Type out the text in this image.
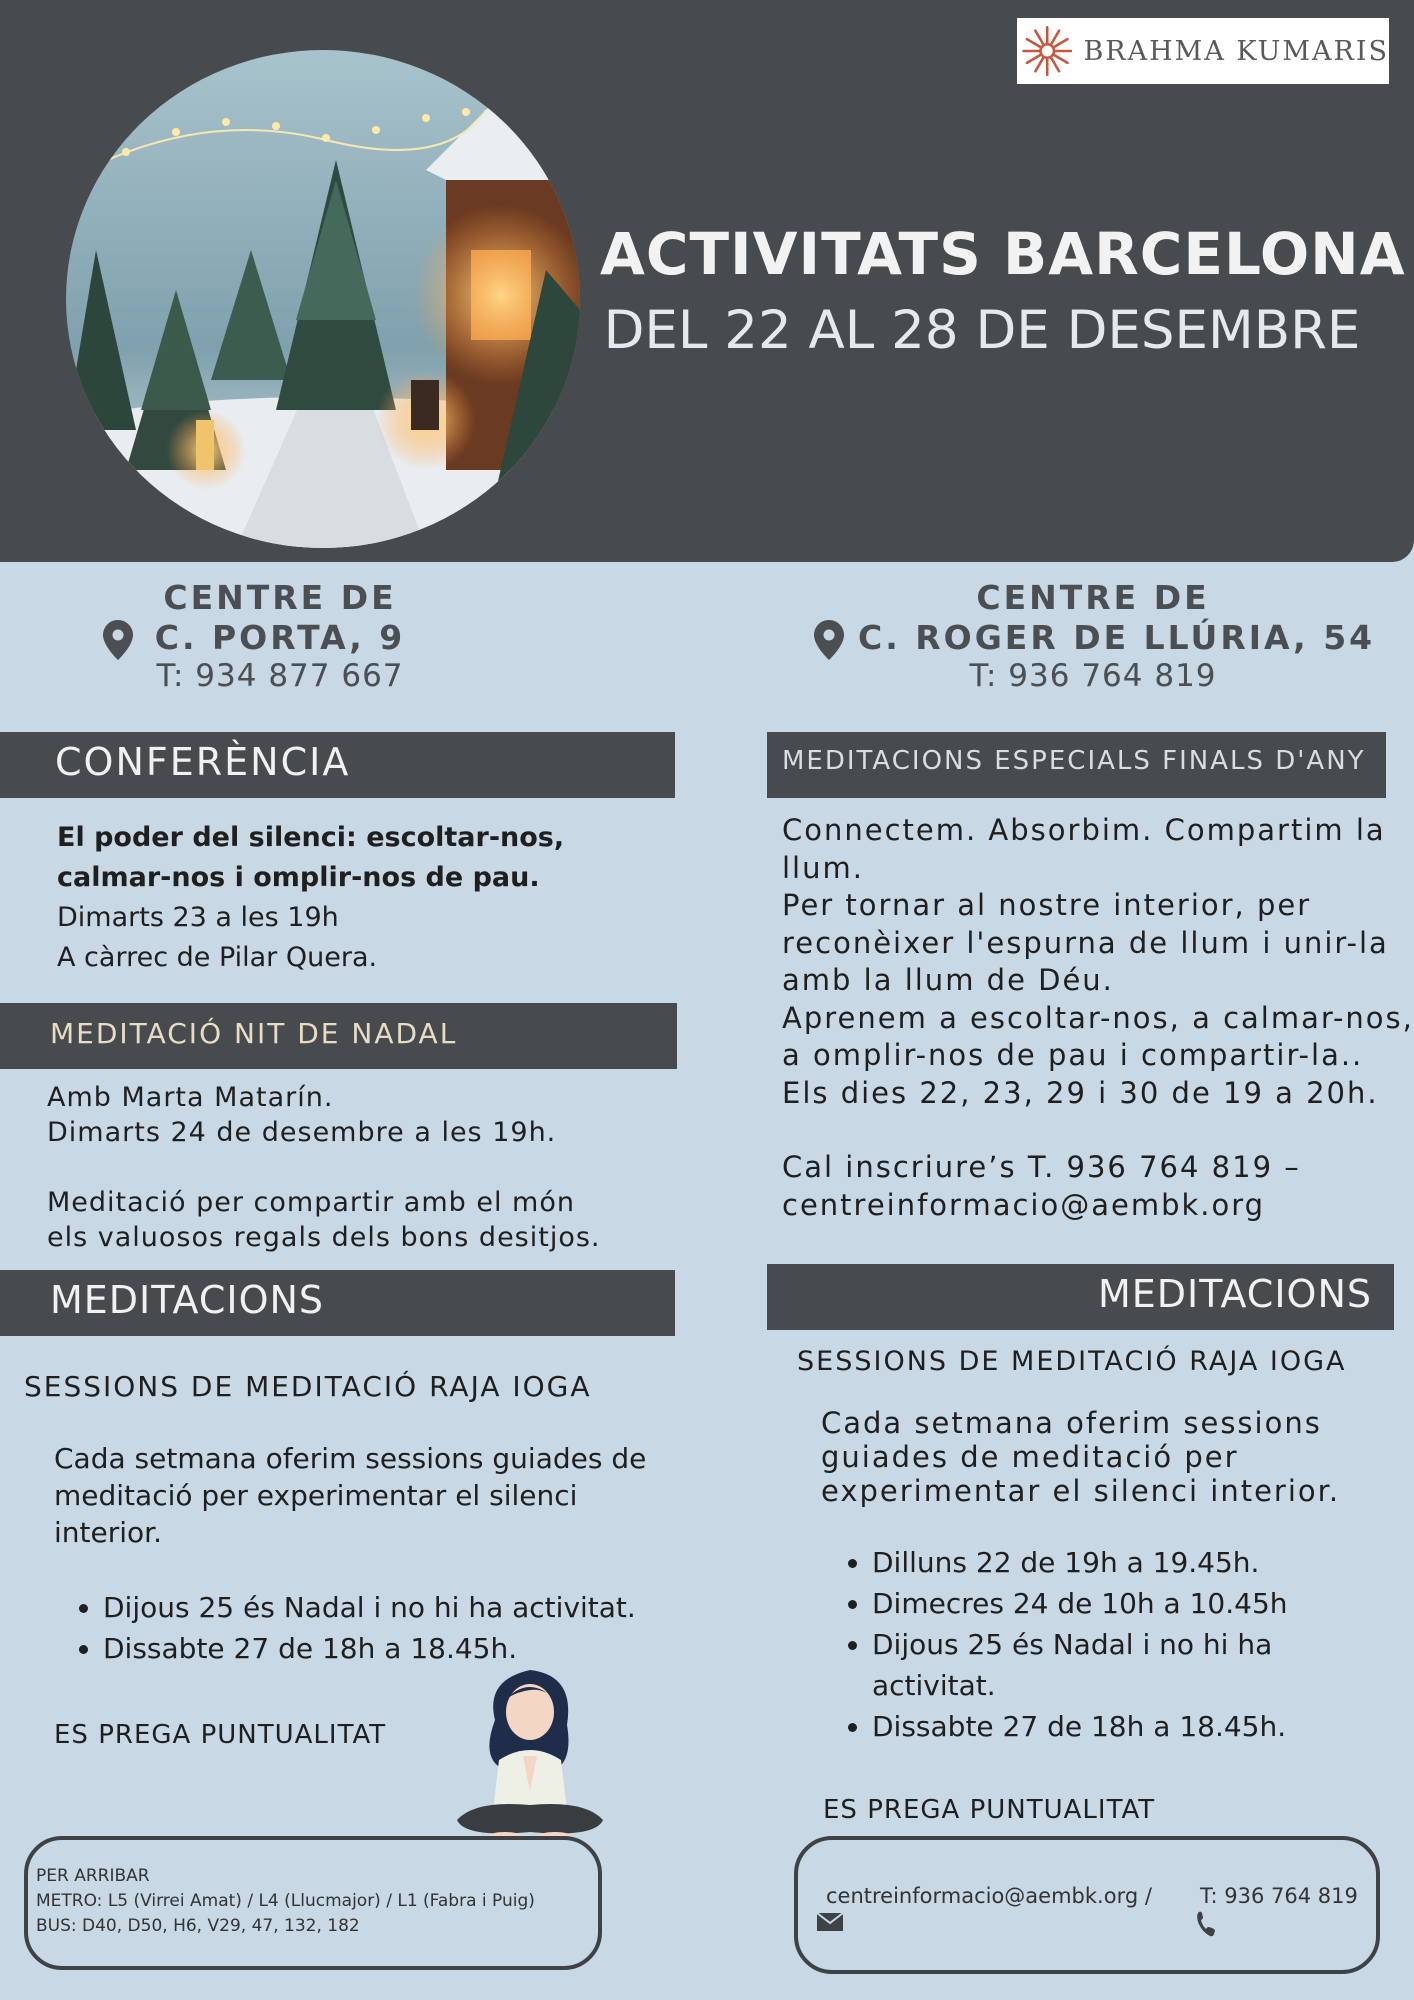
BRAHMA KUMARIS
ACTIVITATS BARCELONA
DEL 22 AL 28 DE DESEMBRE
CENTRE DE
C. PORTA, 9
T: 934 877 667
CENTRE DE
C. ROGER DE LLÚRIA, 54
T: 936 764 819
CONFERÈNCIA
El poder del silenci: escoltar-nos,
calmar-nos i omplir-nos de pau.
Dimarts 23 a les 19h
A càrrec de Pilar Quera.
MEDITACIÓ NIT DE NADAL
Amb Marta Matarín.
Dimarts 24 de desembre a les 19h.
Meditació per compartir amb el món
els valuosos regals dels bons desitjos.
MEDITACIONS
SESSIONS DE MEDITACIÓ RAJA IOGA
Cada setmana oferim sessions guiades de
meditació per experimentar el silenci
interior.
• Dijous 25 és Nadal i no hi ha activitat.
• Dissabte 27 de 18h a 18.45h.
ES PREGA PUNTUALITAT
MEDITACIONS ESPECIALS FINALS D'ANY
Connectem. Absorbim. Compartim la
llum.
Per tornar al nostre interior, per
reconèixer l'espurna de llum i unir-la
amb la llum de Déu.
Aprenem a escoltar-nos, a calmar-nos,
a omplir-nos de pau i compartir-la..
Els dies 22, 23, 29 i 30 de 19 a 20h.
Cal inscriure’s T. 936 764 819 –
centreinformacio@aembk.org
MEDITACIONS
SESSIONS DE MEDITACIÓ RAJA IOGA
Cada setmana oferim sessions
guiades de meditació per
experimentar el silenci interior.
• Dilluns 22 de 19h a 19.45h.
• Dimecres 24 de 10h a 10.45h
• Dijous 25 és Nadal i no hi ha
activitat.
• Dissabte 27 de 18h a 18.45h.
ES PREGA PUNTUALITAT
PER ARRIBAR
METRO: L5 (Virrei Amat) / L4 (Llucmajor) / L1 (Fabra i Puig)
BUS: D40, D50, H6, V29, 47, 132, 182
centreinformacio@aembk.org / T: 936 764 819
